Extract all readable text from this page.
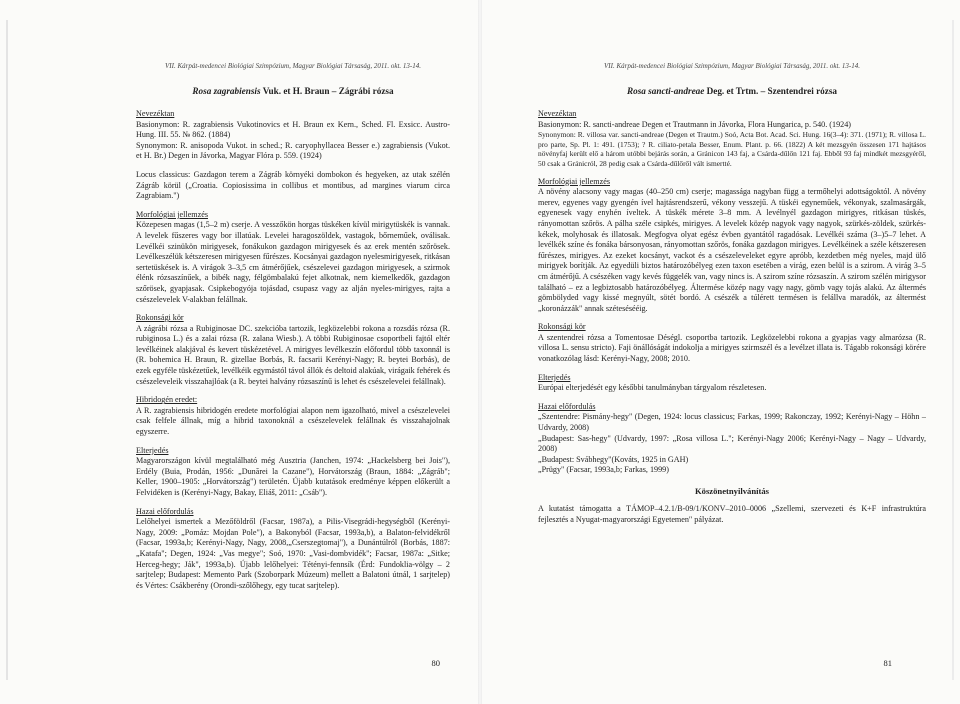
VII. Kárpát-medencei Biológiai Szimpózium, Magyar Biológiai Társaság, 2011. okt. 13-14.

Rosa zagrabiensis Vuk. et H. Braun – Zágrábi rózsa

Nevezéktan

Basionymon: R. zagrabiensis Vukotinovics et H. Braun ex Kern., Sched. Fl. Exsicc. Austro-Hung. III. 55. № 862. (1884)

Synonymon: R. anisopoda Vukot. in sched.; R. caryophyllacea Besser e.) zagrabiensis (Vukot. et H. Br.) Degen in Jávorka, Magyar Flóra p. 559. (1924)

Locus classicus: Gazdagon terem a Zágráb környéki dombokon és hegyeken, az utak szélén Zágráb körül („Croatia. Copiosissima in collibus et montibus, ad margines viarum circa Zagrabiam.")

Morfológiai jellemzés

Közepesen magas (1,5–2 m) cserje. A vesszőkön horgas tüskéken kívül mirigytüskék is vannak. A levelek fűszeres vagy bor illatúak. Levelei haragoszöldek, vastagok, bőrneműek, oválisak. Levélkéi szinükön mirigyesek, fonákukon gazdagon mirigyesek és az erek mentén szőrösek. Levélkeszélük kétszeresen mirigyesen fűrészes. Kocsányai gazdagon nyelesmirigyesek, ritkásan sertetüskések is. A virágok 3–3,5 cm átmérőjűek, csészelevei gazdagon mirigyesek, a szirmok élénk rózsaszínűek, a bibék nagy, félgömbalakú fejet alkotnak, nem kiemelkedők, gazdagon szőrösek, gyapjasak. Csipkebogyója tojásdad, csupasz vagy az alján nyeles-mirigyes, rajta a csészelevelek V-alakban felállnak.

Rokonsági kör

A zágrábi rózsa a Rubiginosae DC. szekcióba tartozik, legközelebbi rokona a rozsdás rózsa (R. rubiginosa L.) és a zalai rózsa (R. zalana Wiesb.). A többi Rubiginosae csoportbeli fajtól eltér levélkéinek alakjával és kevert tüskézetével. A mirigyes levélkeszín előfordul több taxonnál is (R. bohemica H. Braun, R. gizellae Borbás, R. facsarii Kerényi-Nagy; R. beytei Borbás), de ezek egyféle tüskézetűek, levélkéik egymástól távol állók és deltoid alakúak, virágaik fehérek és csészeleveleik visszahajlóak (a R. beytei halvány rózsaszínű is lehet és csészelevelei felállnak).

Hibridogén eredet:

A R. zagrabiensis hibridogén eredete morfológiai alapon nem igazolható, mivel a csészelevelei csak felfele állnak, míg a hibrid taxonoknál a csészelevelek felállnak és visszahajolnak egyszerre.

Elterjedés

Magyarországon kívül megtalálható még Ausztria (Janchen, 1974: „Hackelsberg bei Jois"), Erdély (Buia, Prodán, 1956: „Dunărei la Cazane"), Horvátország (Braun, 1884: „Zágráb"; Keller, 1900–1905: „Horvátország") területén. Újabb kutatások eredménye képpen előkerült a Felvidéken is (Kerényi-Nagy, Bakay, Eliáš, 2011: „Csáb").

Hazai előfordulás

Lelőhelyei ismertek a Mezőföldről (Facsar, 1987a), a Pilis-Visegrádi-hegységből (Kerényi-Nagy, 2009: „Pomáz: Mojdan Pole"), a Bakonyból (Facsar, 1993a,b), a Balaton-felvidékről (Facsar, 1993a,b; Kerényi-Nagy, Nagy, 2008,„Cserszegtomaj"), a Dunántúlról (Borbás, 1887: „Katafa"; Degen, 1924: „Vas megye"; Soó, 1970: „Vasi-dombvidék"; Facsar, 1987a: „Sitke; Herceg-hegy; Ják", 1993a,b). Újabb lelőhelyei: Tétényi-fennsík (Érd: Fundoklia-völgy – 2 sarjtelep; Budapest: Memento Park (Szoborpark Múzeum) mellett a Balatoni útnál, 1 sarjtelep) és Vértes: Csákberény (Orondi-szőlőhegy, egy tucat sarjtelep).

80

VII. Kárpát-medencei Biológiai Szimpózium, Magyar Biológiai Társaság, 2011. okt. 13-14.

Rosa sancti-andreae Deg. et Trtm. – Szentendrei rózsa

Nevezéktan

Basionymon: R. sancti-andreae Degen et Trautmann in Jávorka, Flora Hungarica, p. 540. (1924)

Synonymon: R. villosa var. sancti-andreae (Degen et Trautm.) Soó, Acta Bot. Acad. Sci. Hung. 16(3–4): 371. (1971); R. villosa L. pro parte, Sp. Pl. 1: 491. (1753); ? R. ciliato-petala Besser, Enum. Plant. p. 66. (1822) A két mezsgyén összesen 171 hajtásos növényfaj került elő a három utóbbi bejárás során, a Gránicon 143 faj, a Csárda-dűlőn 121 faj. Ebből 93 faj mindkét mezsgyéről, 50 csak a Gránicról, 28 pedig csak a Csárda-dűlőről vált ismertté.

Morfológiai jellemzés

A növény alacsony vagy magas (40–250 cm) cserje; magassága nagyban függ a termőhelyi adottságoktól. A növény merev, egyenes vagy gyengén ível hajtásrendszerű, vékony vesszejű. A tüskéi egyneműek, vékonyak, szalmasárgák, egyenesek vagy enyhén íveltek. A tüskék mérete 3–8 mm. A levélnyél gazdagon mirigyes, ritkásan tüskés, rányomottan szőrös. A pálha széle csipkés, mirigyes. A levelek közép nagyok vagy nagyok, szürkés-zöldek, szürkés-kékek, molyhosak és illatosak. Megfogva olyat egész évben gyantától ragadósak. Levélkéi száma (3–)5–7 lehet. A levélkék színe és fonáka bársonyosan, rányomottan szőrös, fonáka gazdagon mirigyes. Levélkéinek a széle kétszeresen fűrészes, mirigyes. Az ezeket kocsányt, vackot és a csészeleveleket egyre apróbb, kezdetben még nyeles, majd ülő mirigyek borítják. Az egyedüli biztos határozóbélyeg ezen taxon esetében a virág, ezen belül is a szirom. A virág 3–5 cm átmérőjű. A csészéken vagy kevés függelék van, vagy nincs is. A szirom színe rózsaszín. A szirom szélén mirigysor található – ez a legbiztosabb határozóbélyeg. Áltermése közép nagy vagy nagy, gömb vagy tojás alakú. Az áltermés gömbölyded vagy kissé megnyúlt, sötét bordó. A csészék a túlérett termésen is felállva maradók, az áltermést „koronázzák" annak szétesésééig.

Rokonsági kör

A szentendrei rózsa a Tomentosae Déségl. csoportba tartozik. Legközelebbi rokona a gyapjas vagy almarózsa (R. villosa L. sensu stricto). Faji önállóságát indokolja a mirigyes szirmszél és a levélzet illata is. Tágabb rokonsági körére vonatkozólag lásd: Kerényi-Nagy, 2008; 2010.

Elterjedés

Európai elterjedését egy későbbi tanulmányban tárgyalom részletesen.

Hazai előfordulás

„Szentendre: Pismány-hegy" (Degen, 1924: locus classicus; Farkas, 1999; Rakonczay, 1992; Kerényi-Nagy – Höhn – Udvardy, 2008)

„Budapest: Sas-hegy" (Udvardy, 1997: „Rosa villosa L."; Kerényi-Nagy 2006; Kerényi-Nagy – Nagy – Udvardy, 2008)

„Budapest: Svábhegy"(Kováts, 1925 in GAH)

„Prügy" (Facsar, 1993a,b; Farkas, 1999)

Köszönetnyilvánítás

A kutatást támogatta a TÁMOP–4.2.1/B-09/1/KONV–2010–0006 „Szellemi, szervezeti és K+F infrastruktúra fejlesztés a Nyugat-magyarországi Egyetemen" pályázat.

81
